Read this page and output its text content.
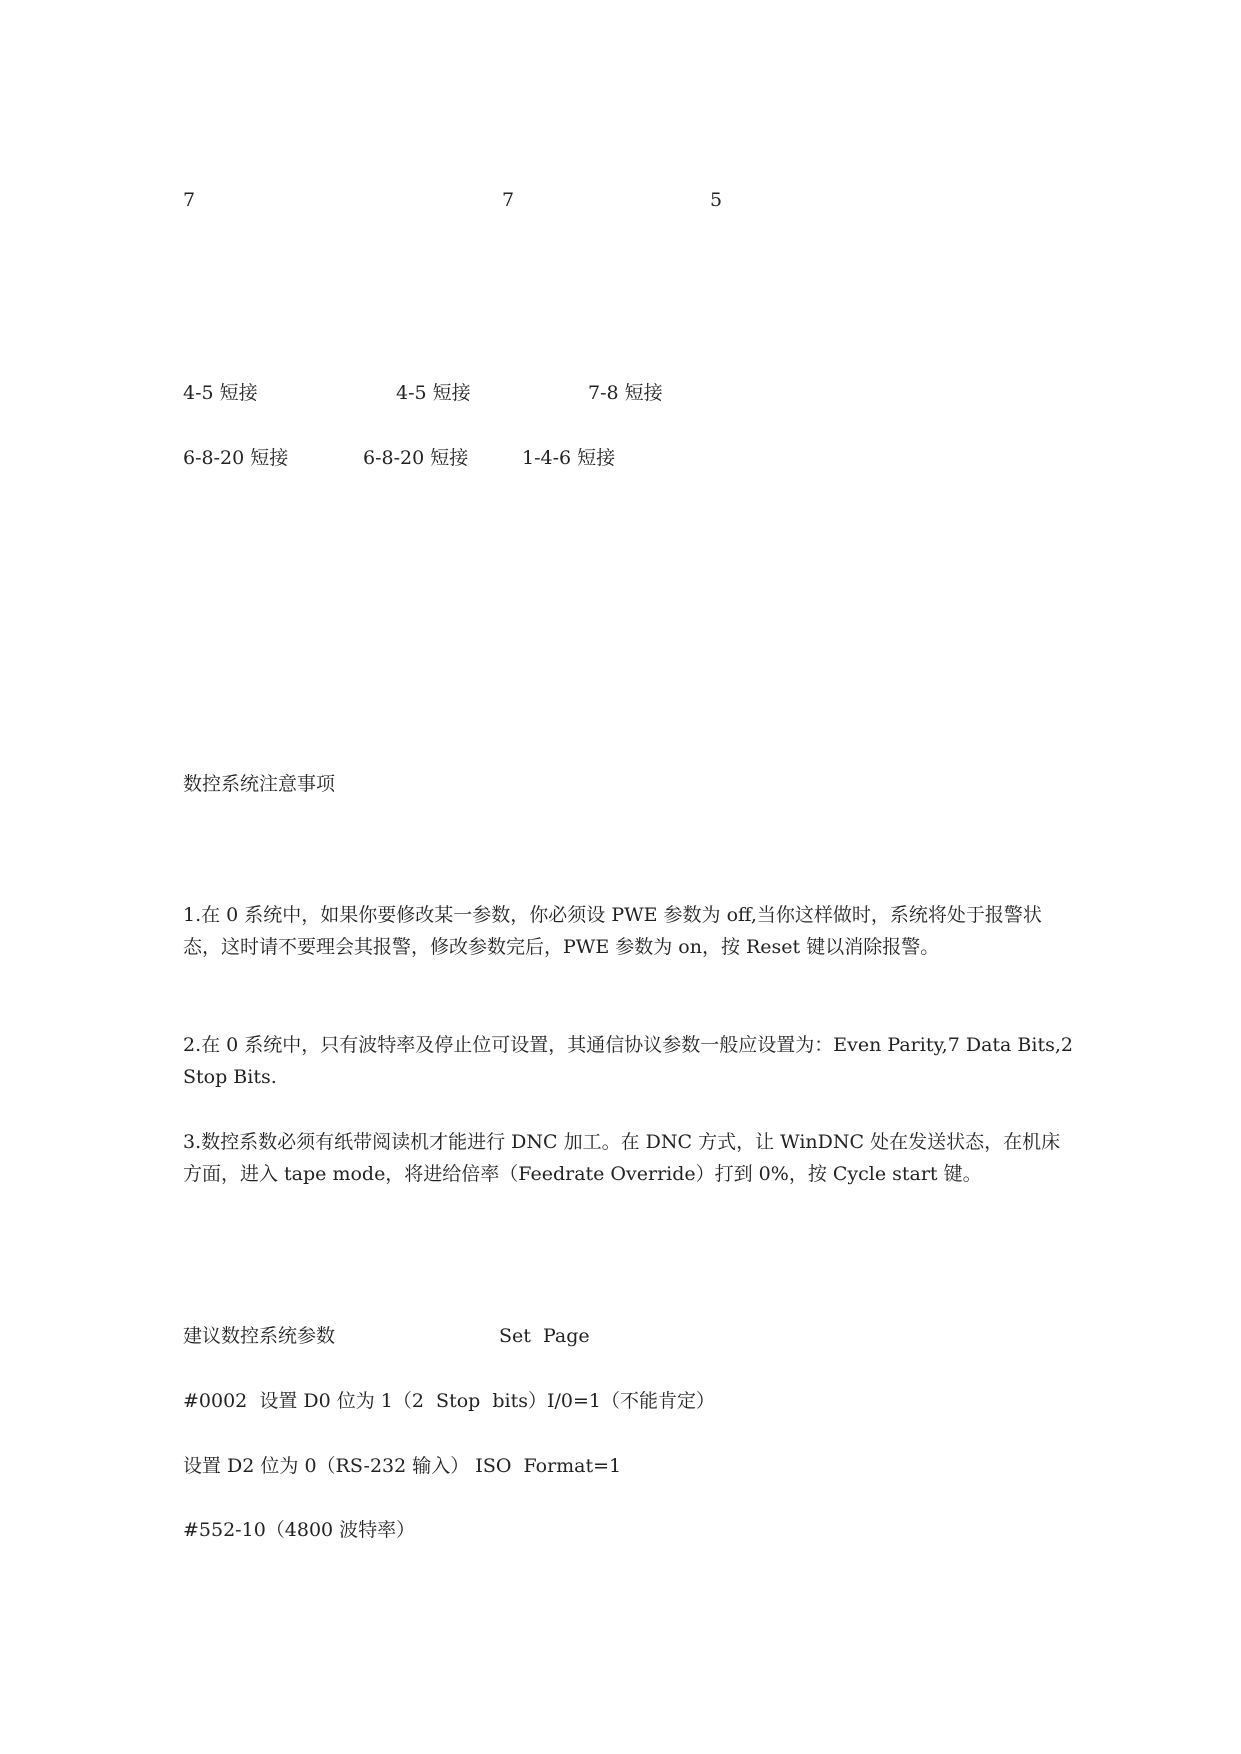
7	7	5
4-5 短接	4-5 短接	7-8 短接
6-8-20 短接	6-8-20 短接	1-4-6 短接
数控系统注意事项
1.在 0 系统中，如果你要修改某一参数，你必须设 PWE 参数为 off,当你这样做时，系统将处于报警状态，这时请不要理会其报警，修改参数完后，PWE 参数为 on，按 Reset 键以消除报警。
2.在 0 系统中，只有波特率及停止位可设置，其通信协议参数一般应设置为：Even Parity,7 Data Bits,2 Stop Bits.
3.数控系数必须有纸带阅读机才能进行 DNC 加工。在 DNC 方式，让 WinDNC 处在发送状态，在机床方面，进入 tape mode，将进给倍率（Feedrate Override）打到 0%，按 Cycle start 键。
建议数控系统参数	Set  Page
#0002  设置 D0 位为 1（2  Stop  bits）I/0=1（不能肯定）
设置 D2 位为 0（RS-232 输入） ISO  Format=1
#552-10（4800 波特率）
